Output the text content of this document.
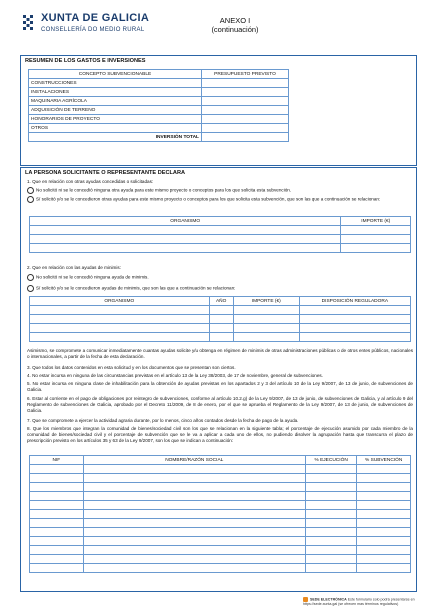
XUNTA DE GALICIA
CONSELLERÍA DO MEDIO RURAL
ANEXO I
(continuación)
RESUMEN DE LOS GASTOS E INVERSIONES
CONCEPTO SUBVENCIONABLE	PRESUPUESTO PREVISTO
CONSTRUCCIONES	
INSTALACIONES	
MAQUINARIA AGRÍCOLA	
ADQUISICIÓN DE TERRENO	
HONORARIOS DE PROYECTO	
OTROS	
INVERSIÓN TOTAL	
LA PERSONA SOLICITANTE O REPRESENTANTE DECLARA
1. Que en relación con otras ayudas concedidas o solicitadas:
No solicitó ni se le concedió ninguna otra ayuda para este mismo proyecto o conceptos para los que solicita esta subvención.
Sí solicitó y/o se le concedieron otras ayudas para este mismo proyecto o conceptos para los que solicita esta subvención, que son las que a continuación se relacionan:
ORGANISMO	IMPORTE (€)

2. Que en relación con las ayudas de minimis:
No solicitó ni se le concedió ninguna ayuda de minimis.
Sí solicitó y/o se le concedieron ayudas de minimis, que son las que a continuación se relacionan:
ORGANISMO	AÑO	IMPORTE (€)	DISPOSICIÓN REGULADORA

Asimismo, se compromete a comunicar inmediatamente cuantas ayudas solicite y/u obtenga en régimen de minimis de otras administraciones públicas o de otros entes públicos, nacionales o internacionales, a partir de la fecha de esta declaración.
3. Que todos los datos contenidos en esta solicitud y en los documentos que se presentan son ciertos.
4. No estar incursa en ninguna de las circunstancias previstas en el artículo 13 de la Ley 38/2003, de 17 de noviembre, general de subvenciones.
5. No estar incursa en ninguna clase de inhabilitación para la obtención de ayudas previstas en los apartados 2 y 3 del artículo 10 de la Ley 9/2007, de 13 de junio, de subvenciones de Galicia.
6. Estar al corriente en el pago de obligaciones por reintegro de subvenciones, conforme al artículo 10.2.g) de la Ley 9/2007, de 13 de junio, de subvenciones de Galicia, y al artículo 9 del Reglamento de subvenciones de Galicia, aprobado por el Decreto 11/2009, de 8 de enero, por el que se aprueba el Reglamento de la Ley 9/2007, de 13 de junio, de subvenciones de Galicia.
7. Que se compromete a ejercer la actividad agraria durante, por lo menos, cinco años contados desde la fecha de pago de la ayuda.
8. Que los miembros que integran la comunidad de bienes/sociedad civil son los que se relacionan en la siguiente tabla; el porcentaje de ejecución asumido por cada miembro de la comunidad de bienes/sociedad civil y el porcentaje de subvención que se le va a aplicar a cada uno de ellos, no pudiendo disolver la agrupación hasta que transcurra el plazo de prescripción previsto en los artículos 35 y 63 de la Ley 9/2007, son los que se indican a continuación:
NIF	NOMBRE/RAZÓN SOCIAL	% EJECUCIÓN	% SUBVENCIÓN

SEDE ELECTRÓNICA Este formulario solo podrá presentarse en https://sede.xunta.gal (se ofrecen mas términos regulativos)
